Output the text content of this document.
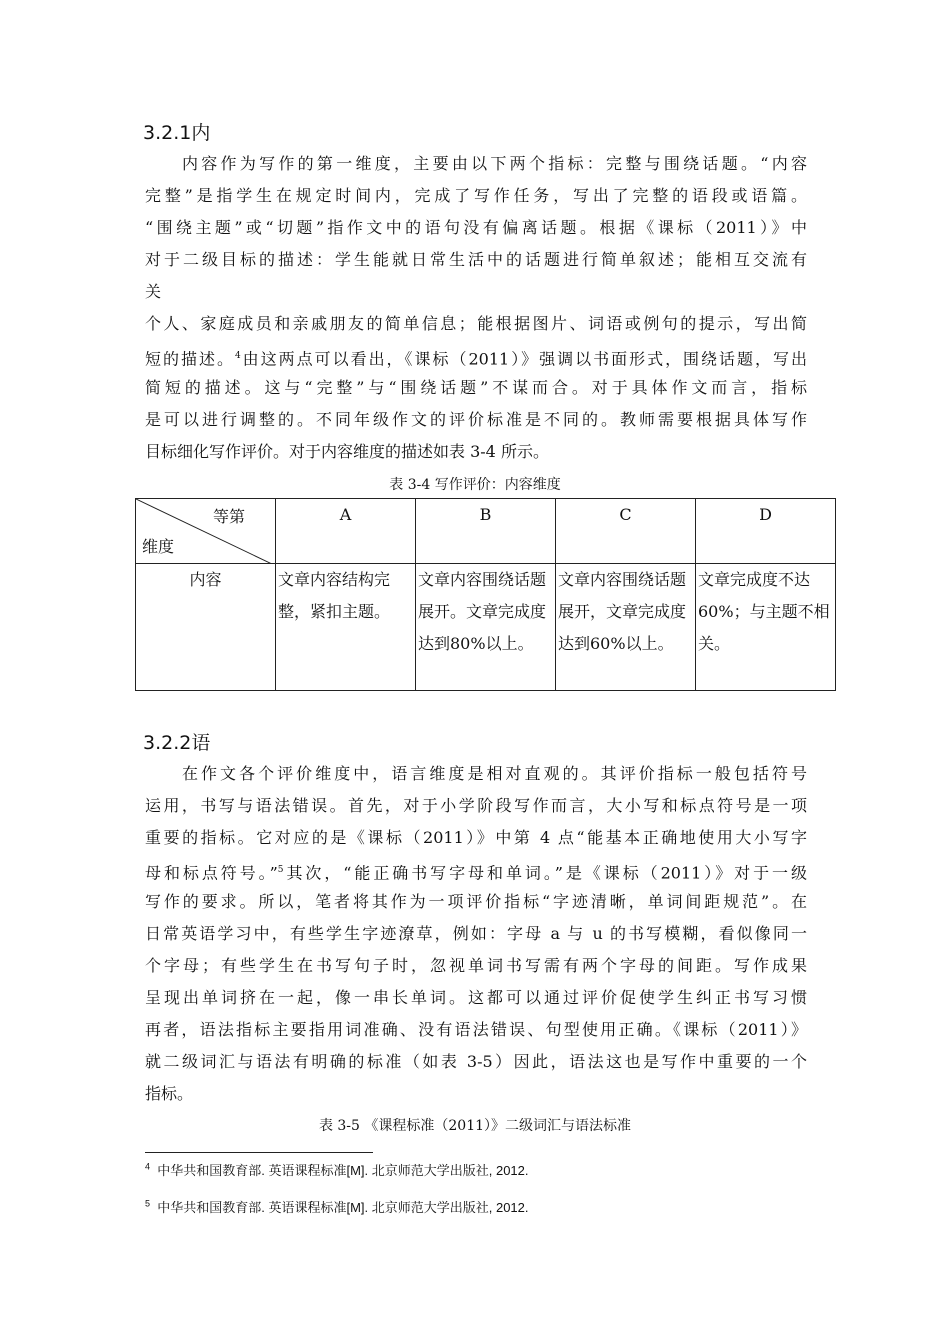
3.2.1内
内容作为写作的第一维度，主要由以下两个指标：完整与围绕话题。“内容
完整”是指学生在规定时间内，完成了写作任务，写出了完整的语段或语篇。
“围绕主题”或“切题”指作文中的语句没有偏离话题。根据《课标（2011）》中
对于二级目标的描述：学生能就日常生活中的话题进行简单叙述；能相互交流有
关
个人、家庭成员和亲戚朋友的简单信息；能根据图片、词语或例句的提示，写出简
短的描述。$^4$由这两点可以看出，《课标（2011）》强调以书面形式，围绕话题，写出
简短的描述。这与“完整”与“围绕话题”不谋而合。对于具体作文而言，指标
是可以进行调整的。不同年级作文的评价标准是不同的。教师需要根据具体写作
目标细化写作评价。对于内容维度的描述如表 3-4 所示。
表 3-4 写作评价：内容维度
等第
维度	A	B	C	D
内容	文章内容结构完整，紧扣主题。	文章内容围绕话题展开。文章完成度达到80%以上。	文章内容围绕话题展开，文章完成度达到60%以上。	文章完成度不达 60%；与主题不相关。
3.2.2语
在作文各个评价维度中，语言维度是相对直观的。其评价指标一般包括符号
运用，书写与语法错误。首先，对于小学阶段写作而言，大小写和标点符号是一项
重要的指标。它对应的是《课标（2011）》中第 4 点“能基本正确地使用大小写字
母和标点符号。”$^5$其次，“能正确书写字母和单词。”是《课标（2011）》对于一级
写作的要求。所以，笔者将其作为一项评价指标“字迹清晰，单词间距规范”。在
日常英语学习中，有些学生字迹潦草，例如：字母 a 与 u 的书写模糊，看似像同一
个字母；有些学生在书写句子时，忽视单词书写需有两个字母的间距。写作成果
呈现出单词挤在一起，像一串长单词。这都可以通过评价促使学生纠正书写习惯
再者，语法指标主要指用词准确、没有语法错误、句型使用正确。《课标（2011）》
就二级词汇与语法有明确的标准（如表 3-5）因此，语法这也是写作中重要的一个
指标。
表 3-5 《课程标准（2011）》二级词汇与语法标准
$^4$ 中华共和国教育部. 英语课程标准[M]. 北京师范大学出版社, 2012.
$^5$ 中华共和国教育部. 英语课程标准[M]. 北京师范大学出版社, 2012.
